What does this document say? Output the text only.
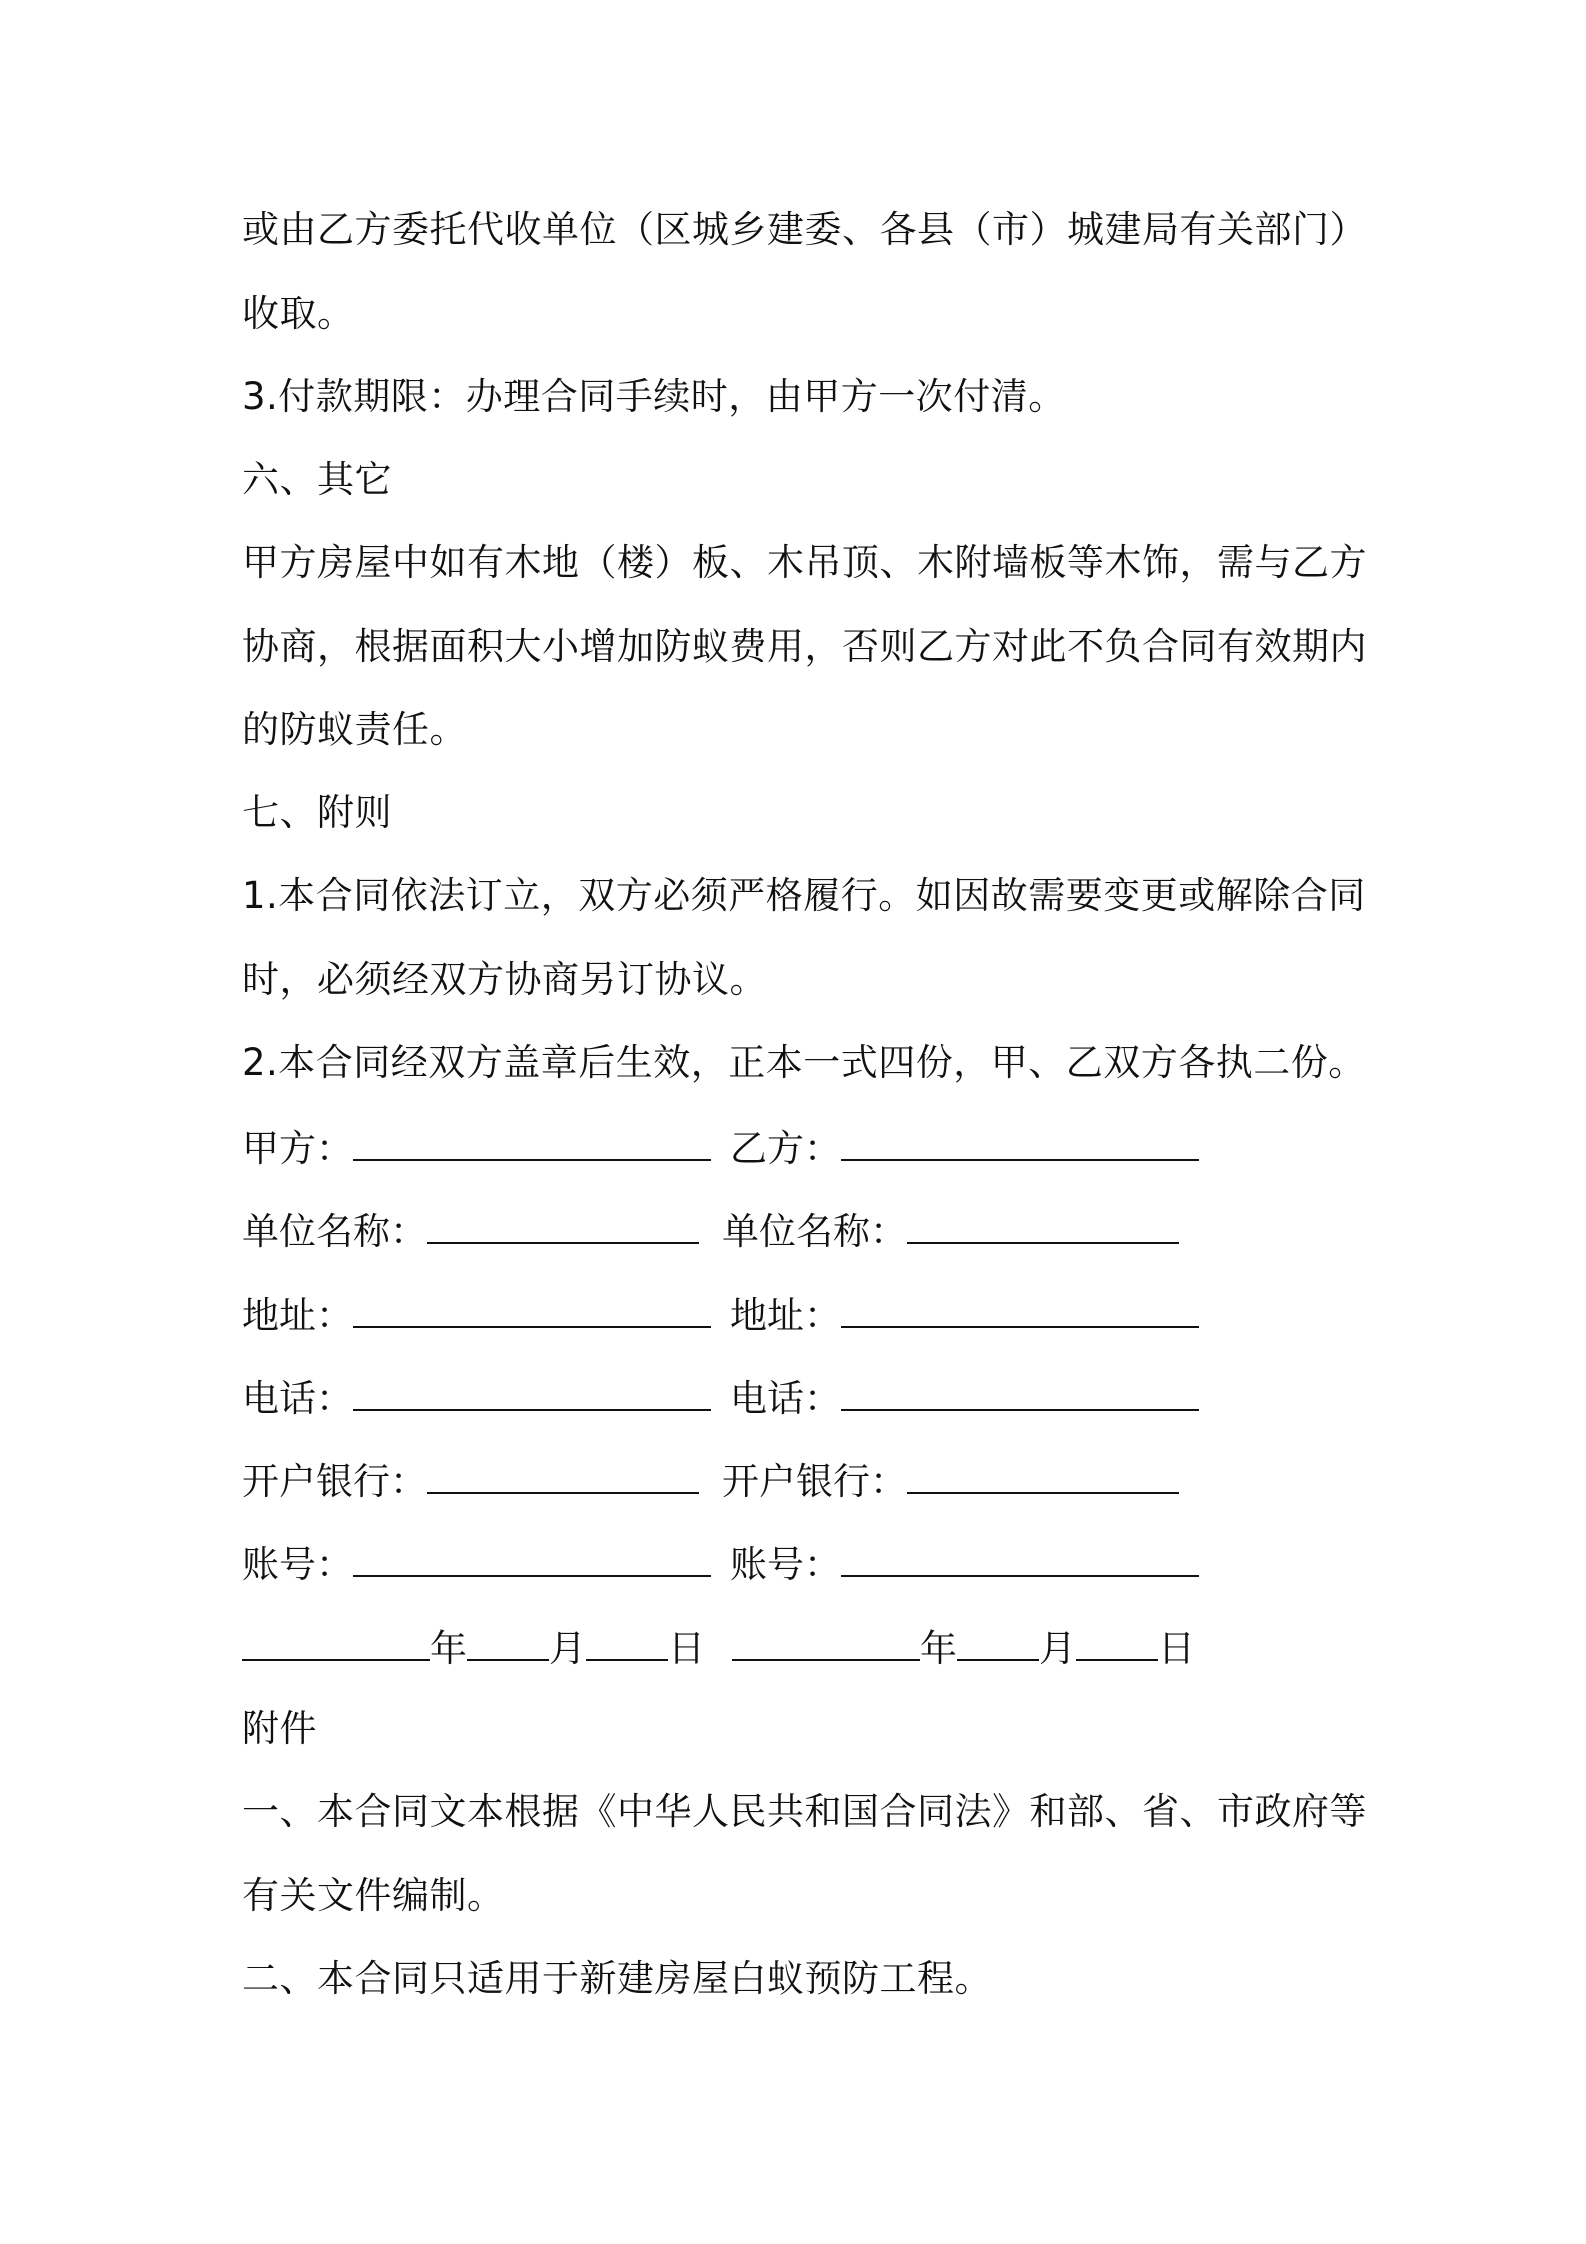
或由乙方委托代收单位（区城乡建委、各县（市）城建局有关部门）
收取。
3.付款期限：办理合同手续时，由甲方一次付清。
六、其它
甲方房屋中如有木地（楼）板、木吊顶、木附墙板等木饰，需与乙方
协商，根据面积大小增加防蚁费用，否则乙方对此不负合同有效期内
的防蚁责任。
七、附则
1.本合同依法订立，双方必须严格履行。如因故需要变更或解除合同
时，必须经双方协商另订协议。
2.本合同经双方盖章后生效，正本一式四份，甲、乙双方各执二份。
甲方：	乙方：
单位名称：	单位名称：
地址：	地址：
电话：	电话：
开户银行：	开户银行：
账号：	账号：
年 月 日	年 月 日
附件
一、本合同文本根据《中华人民共和国合同法》和部、省、市政府等
有关文件编制。
二、本合同只适用于新建房屋白蚁预防工程。
